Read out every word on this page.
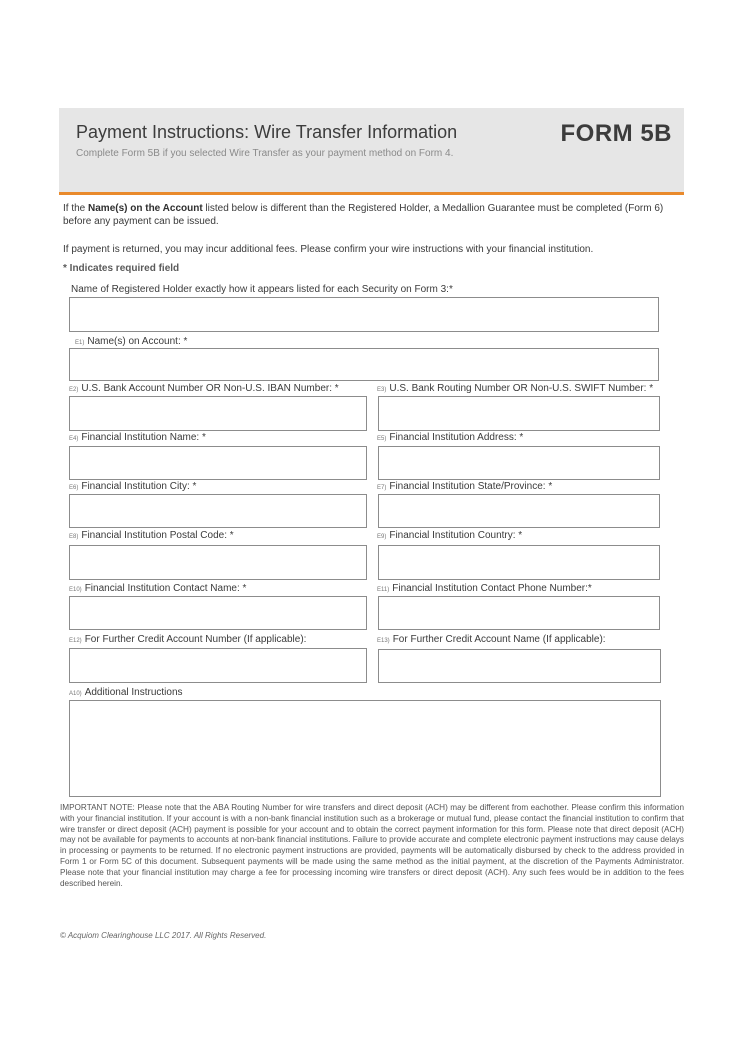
Payment Instructions: Wire Transfer Information
Complete Form 5B if you selected Wire Transfer as your payment method on Form 4.
FORM 5B
If the Name(s) on the Account listed below is different than the Registered Holder, a Medallion Guarantee must be completed (Form 6) before any payment can be issued.
If payment is returned, you may incur additional fees. Please confirm your wire instructions with your financial institution.
* Indicates required field
Name of Registered Holder exactly how it appears listed for each Security on Form 3:*
E1) Name(s) on Account: *
E2) U.S. Bank Account Number OR Non-U.S. IBAN Number: *	E3) U.S. Bank Routing Number OR Non-U.S. SWIFT Number: *
E4) Financial Institution Name: *	E5) Financial Institution Address: *
E6) Financial Institution City: *	E7) Financial Institution State/Province: *
E8) Financial Institution Postal Code: *	E9) Financial Institution Country: *
E10) Financial Institution Contact Name: *	E11) Financial Institution Contact Phone Number:*
E12) For Further Credit Account Number (If applicable):	E13) For Further Credit Account Name (If applicable):
A10) Additional Instructions
IMPORTANT NOTE: Please note that the ABA Routing Number for wire transfers and direct deposit (ACH) may be different from eachother. Please confirm this information with your financial institution. If your account is with a non-bank financial institution such as a brokerage or mutual fund, please contact the financial institution to confirm that wire transfer or direct deposit (ACH) payment is possible for your account and to obtain the correct payment information for this form. Please note that direct deposit (ACH) may not be available for payments to accounts at non-bank financial institutions. Failure to provide accurate and complete electronic payment instructions may cause delays in processing or payments to be returned. If no electronic payment instructions are provided, payments will be automatically disbursed by check to the address provided in Form 1 or Form 5C of this document. Subsequent payments will be made using the same method as the initial payment, at the discretion of the Payments Administrator. Please note that your financial institution may charge a fee for processing incoming wire transfers or direct deposit (ACH). Any such fees would be in addition to the fees described herein.
© Acquiom Clearinghouse LLC 2017. All Rights Reserved.
